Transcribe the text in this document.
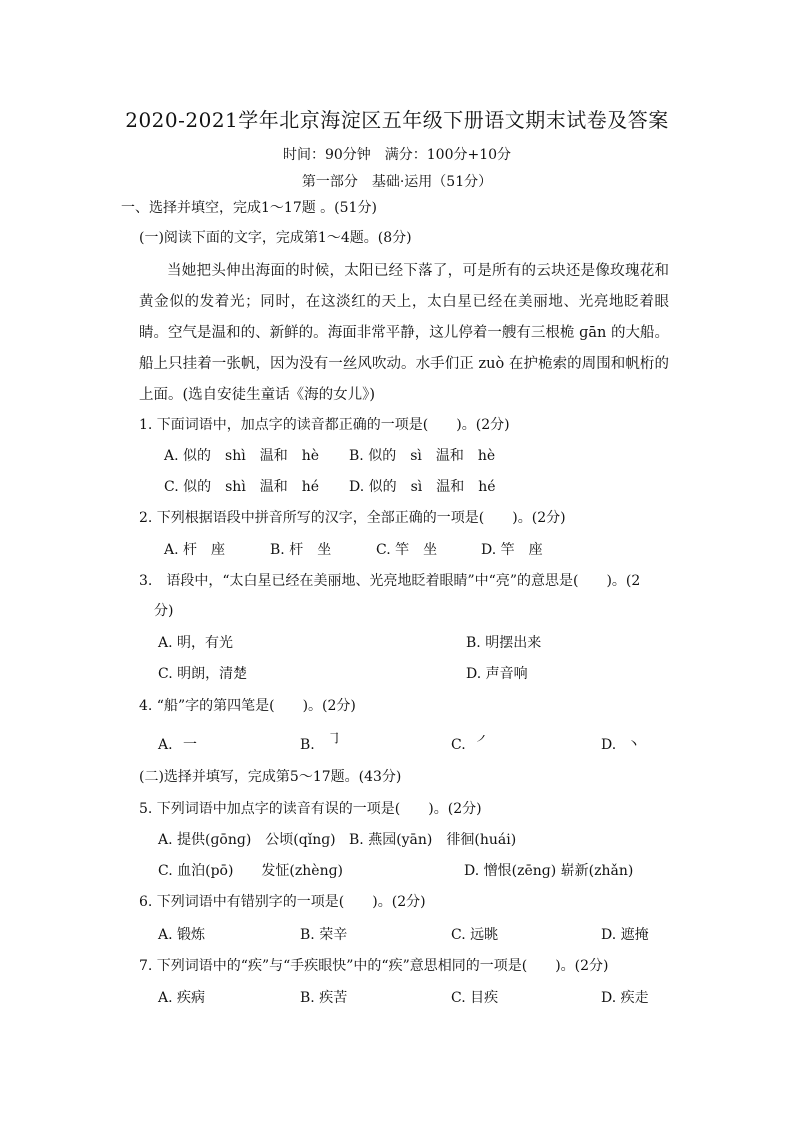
2020-2021学年北京海淀区五年级下册语文期末试卷及答案
时间：90分钟　满分：100分+10分
第一部分　基础·运用（51分）
一、选择并填空，完成1～17题 。(51分)
(一)阅读下面的文字，完成第1～4题。(8分)
当她把头伸出海面的时候，太阳已经下落了，可是所有的云块还是像玫瑰花和黄金似的发着光；同时，在这淡红的天上，太白星已经在美丽地、光亮地眨着眼睛。空气是温和的、新鲜的。海面非常平静，这儿停着一艘有三根桅 ɡān 的大船。船上只挂着一张帆，因为没有一丝风吹动。水手们正 zuò 在护桅索的周围和帆桁的上面。(选自安徒生童话《海的女儿》)
1. 下面词语中，加点字的读音都正确的一项是(　　)。(2分)
A. 似的　shì　温和　hè B. 似的　sì　温和　hè
C. 似的　shì　温和　hé D. 似的　sì　温和　hé
2. 下列根据语段中拼音所写的汉字，全部正确的一项是(　　)。(2分)
A. 杆　座	B. 杆　坐	C. 竿　坐	D. 竿　座
3.　语段中，“太白星已经在美丽地、光亮地眨着眼睛”中“亮”的意思是(　　)。(2
分)
A. 明，有光	B. 明摆出来
C. 明朗，清楚	D. 声音响
4. “船”字的第四笔是(　　)。(2分)
A. 一	B. ㇆	C. ㇒	D. 丶
(二)选择并填写，完成第5～17题。(43分)
5. 下列词语中加点字的读音有误的一项是(　　)。(2分)
A. 提供(ɡōnɡ)　公顷(qǐnɡ) B. 燕园(yān)　徘徊(huái)
C. 血泊(pō)　　发怔(zhènɡ)	D. 憎恨(zēnɡ) 崭新(zhǎn)
6. 下列词语中有错别字的一项是(　　)。(2分)
A. 锻炼	B. 荣辛	C. 远眺	D. 遮掩
7. 下列词语中的“疾”与“手疾眼快”中的“疾”意思相同的一项是(　　)。(2分)
A. 疾病	B. 疾苦	C. 目疾	D. 疾走
